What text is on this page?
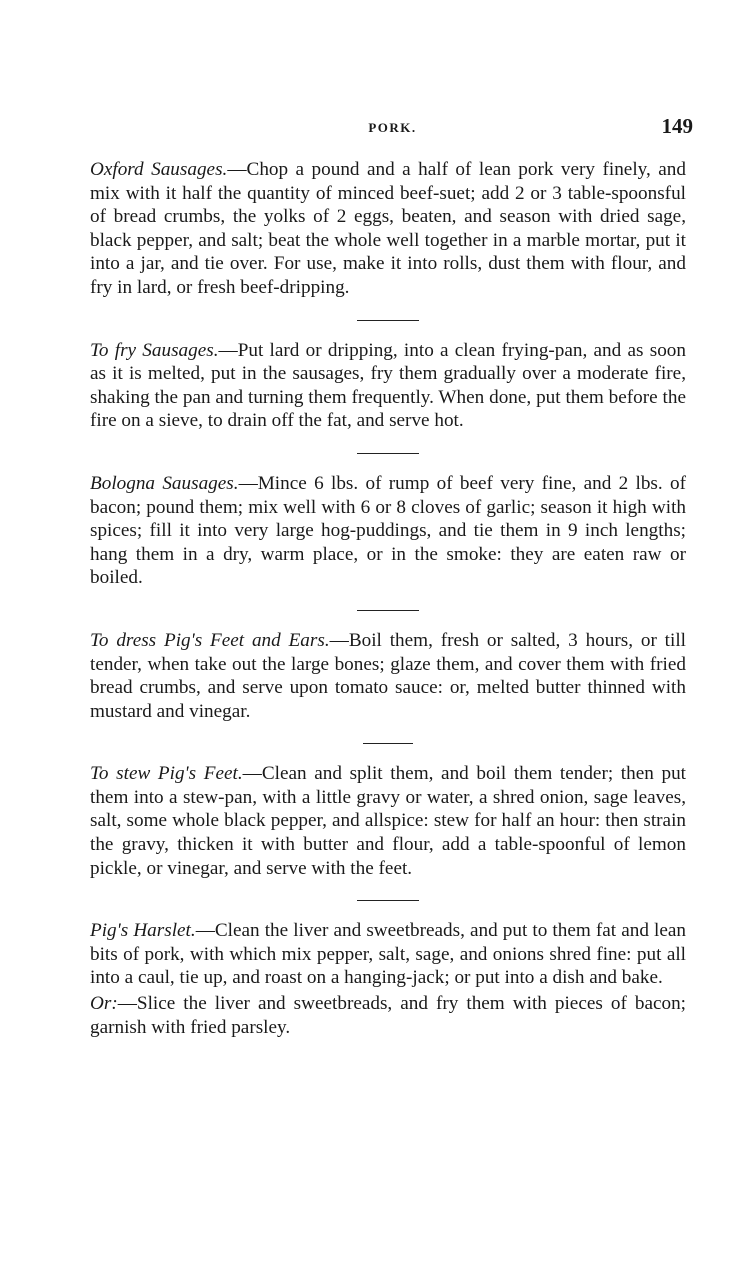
PORK.	149

Oxford Sausages.—Chop a pound and a half of lean pork very finely, and mix with it half the quantity of minced beef-suet; add 2 or 3 table-spoonsful of bread crumbs, the yolks of 2 eggs, beaten, and season with dried sage, black pepper, and salt; beat the whole well together in a marble mortar, put it into a jar, and tie over. For use, make it into rolls, dust them with flour, and fry in lard, or fresh beef-dripping.

To fry Sausages.—Put lard or dripping, into a clean frying-pan, and as soon as it is melted, put in the sausages, fry them gradually over a moderate fire, shaking the pan and turning them frequently. When done, put them before the fire on a sieve, to drain off the fat, and serve hot.

Bologna Sausages.—Mince 6 lbs. of rump of beef very fine, and 2 lbs. of bacon; pound them; mix well with 6 or 8 cloves of garlic; season it high with spices; fill it into very large hog-puddings, and tie them in 9 inch lengths; hang them in a dry, warm place, or in the smoke: they are eaten raw or boiled.

To dress Pig's Feet and Ears.—Boil them, fresh or salted, 3 hours, or till tender, when take out the large bones; glaze them, and cover them with fried bread crumbs, and serve upon tomato sauce: or, melted butter thinned with mustard and vinegar.

To stew Pig's Feet.—Clean and split them, and boil them tender; then put them into a stew-pan, with a little gravy or water, a shred onion, sage leaves, salt, some whole black pepper, and allspice: stew for half an hour: then strain the gravy, thicken it with butter and flour, add a table-spoonful of lemon pickle, or vinegar, and serve with the feet.

Pig's Harslet.—Clean the liver and sweetbreads, and put to them fat and lean bits of pork, with which mix pepper, salt, sage, and onions shred fine: put all into a caul, tie up, and roast on a hanging-jack; or put into a dish and bake.

Or:—Slice the liver and sweetbreads, and fry them with pieces of bacon; garnish with fried parsley.
